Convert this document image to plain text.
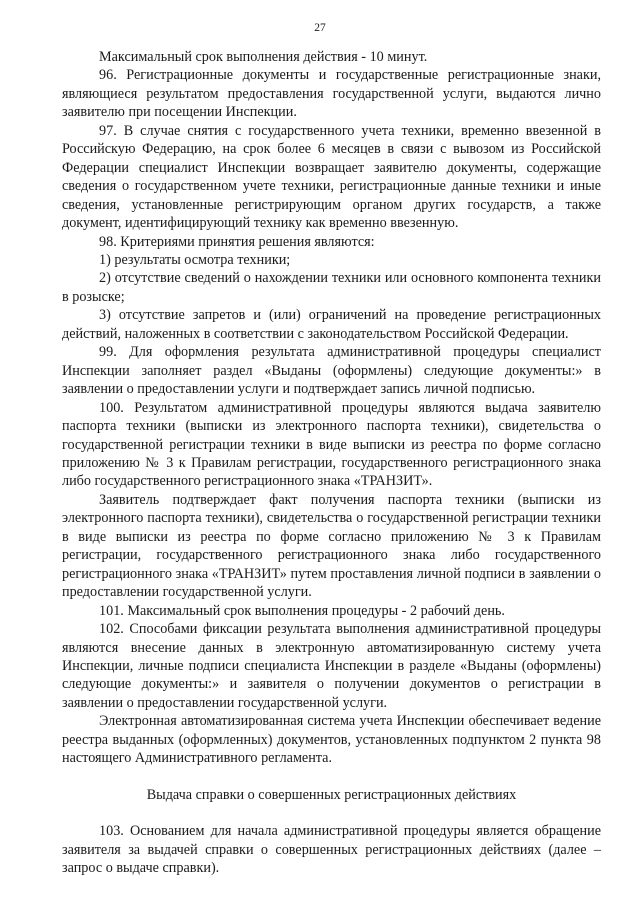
27

Максимальный срок выполнения действия - 10 минут.

96. Регистрационные документы и государственные регистрационные знаки, являющиеся результатом предоставления государственной услуги, выдаются лично заявителю при посещении Инспекции.

97. В случае снятия с государственного учета техники, временно ввезенной в Российскую Федерацию, на срок более 6 месяцев в связи с вывозом из Российской Федерации специалист Инспекции возвращает заявителю документы, содержащие сведения о государственном учете техники, регистрационные данные техники и иные сведения, установленные регистрирующим органом других государств, а также документ, идентифицирующий технику как временно ввезенную.

98. Критериями принятия решения являются:

1) результаты осмотра техники;

2) отсутствие сведений о нахождении техники или основного компонента техники в розыске;

3) отсутствие запретов и (или) ограничений на проведение регистрационных действий, наложенных в соответствии с законодательством Российской Федерации.

99. Для оформления результата административной процедуры специалист Инспекции заполняет раздел «Выданы (оформлены) следующие документы:» в заявлении о предоставлении услуги и подтверждает запись личной подписью.

100. Результатом административной процедуры являются выдача заявителю паспорта техники (выписки из электронного паспорта техники), свидетельства о государственной регистрации техники в виде выписки из реестра по форме согласно приложению № 3 к Правилам регистрации, государственного регистрационного знака либо государственного регистрационного знака «ТРАНЗИТ».

Заявитель подтверждает факт получения паспорта техники (выписки из электронного паспорта техники), свидетельства о государственной регистрации техники в виде выписки из реестра по форме согласно приложению № 3 к Правилам регистрации, государственного регистрационного знака либо государственного регистрационного знака «ТРАНЗИТ» путем проставления личной подписи в заявлении о предоставлении государственной услуги.

101. Максимальный срок выполнения процедуры - 2 рабочий день.

102. Способами фиксации результата выполнения административной процедуры являются внесение данных в электронную автоматизированную систему учета Инспекции, личные подписи специалиста Инспекции в разделе «Выданы (оформлены) следующие документы:» и заявителя о получении документов о регистрации в заявлении о предоставлении государственной услуги.

Электронная автоматизированная система учета Инспекции обеспечивает ведение реестра выданных (оформленных) документов, установленных подпунктом 2 пункта 98 настоящего Административного регламента.

Выдача справки о совершенных регистрационных действиях

103. Основанием для начала административной процедуры является обращение заявителя за выдачей справки о совершенных регистрационных действиях (далее – запрос о выдаче справки).
